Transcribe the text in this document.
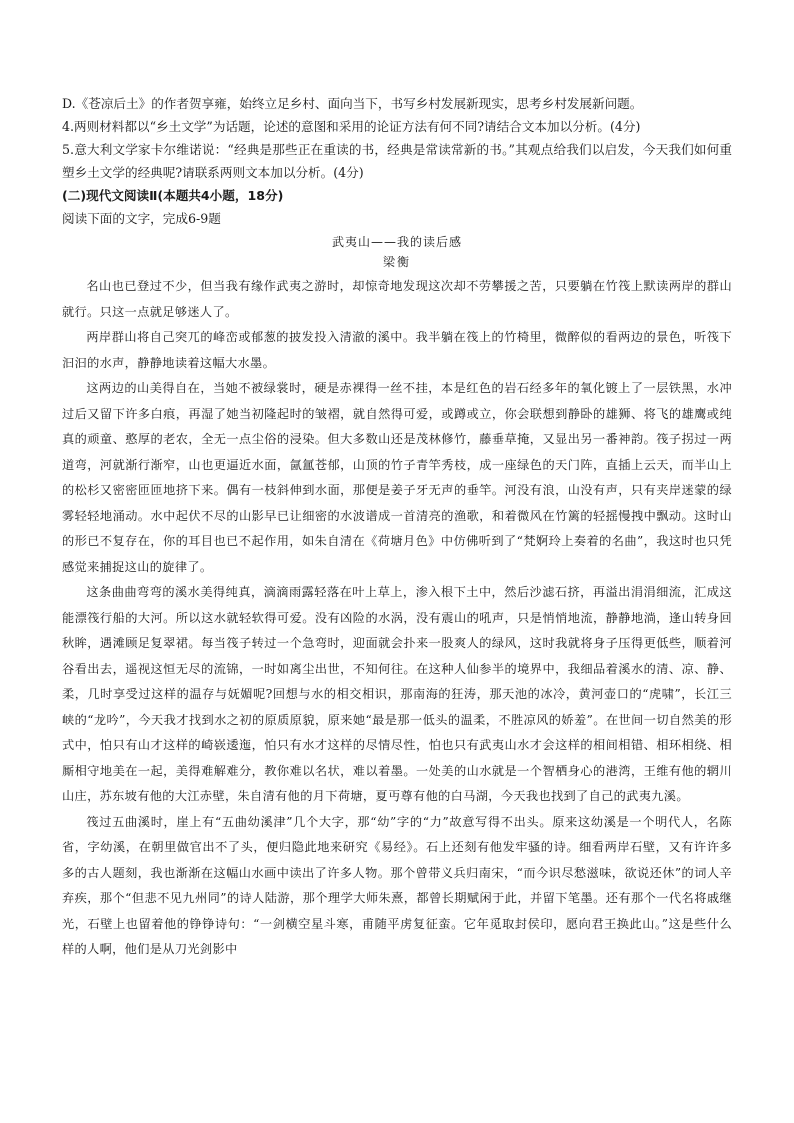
D.《苍凉后土》的作者贺享雍，始终立足乡村、面向当下，书写乡村发展新现实，思考乡村发展新问题。

4.两则材料都以“乡土文学”为话题，论述的意图和采用的论证方法有何不同?请结合文本加以分析。(4分)

5.意大利文学家卡尔维诺说：“经典是那些正在重读的书，经典是常读常新的书。”其观点给我们以启发，今天我们如何重塑乡土文学的经典呢?请联系两则文本加以分析。(4分)

(二)现代文阅读Ⅱ(本题共4小题，18分)

阅读下面的文字，完成6-9题

武夷山——我的读后感

梁衡

名山也已登过不少，但当我有缘作武夷之游时，却惊奇地发现这次却不劳攀援之苦，只要躺在竹筏上默读两岸的群山就行。只这一点就足够迷人了。

两岸群山将自己突兀的峰峦或郁葱的披发投入清澈的溪中。我半躺在筏上的竹椅里，微醉似的看两边的景色，听筏下汩汩的水声，静静地读着这幅大水墨。

这两边的山美得自在，当她不被绿裳时，硬是赤裸得一丝不挂，本是红色的岩石经多年的氧化镀上了一层铁黑，水冲过后又留下许多白痕，再湿了她当初隆起时的皱褶，就自然得可爱，或蹲或立，你会联想到静卧的雄狮、将飞的雄鹰或纯真的顽童、憨厚的老农，全无一点尘俗的浸染。但大多数山还是茂林修竹，藤垂草掩，又显出另一番神韵。筏子拐过一两道弯，河就渐行渐窄，山也更逼近水面，氤氲苍郁，山顶的竹子青竿秀枝，成一座绿色的天门阵，直插上云天，而半山上的松杉又密密匝匝地挤下来。偶有一枝斜伸到水面，那便是姜子牙无声的垂竿。河没有浪，山没有声，只有夹岸迷蒙的绿雾轻轻地涌动。水中起伏不尽的山影早已让细密的水波谱成一首清亮的渔歌，和着微风在竹篱的轻摇慢拽中飘动。这时山的形已不复存在，你的耳目也已不起作用，如朱自清在《荷塘月色》中仿佛听到了“梵婀玲上奏着的名曲”，我这时也只凭感觉来捕捉这山的旋律了。

这条曲曲弯弯的溪水美得纯真，滴滴雨露轻落在叶上草上，渗入根下土中，然后沙滤石挤，再溢出涓涓细流，汇成这能漂筏行船的大河。所以这水就轻软得可爱。没有凶险的水涡，没有震山的吼声，只是悄悄地流，静静地淌，逢山转身回秋眸，遇滩顾足复翠裙。每当筏子转过一个急弯时，迎面就会扑来一股爽人的绿风，这时我就将身子压得更低些，顺着河谷看出去，遥视这恒无尽的流锦，一时如离尘出世，不知何往。在这种人仙参半的境界中，我细品着溪水的清、凉、静、柔，几时享受过这样的温存与妩媚呢?回想与水的相交相识，那南海的狂涛，那天池的冰冷，黄河壶口的“虎啸”，长江三峡的“龙吟”，今天我才找到水之初的原质原貌，原来她“最是那一低头的温柔，不胜凉风的娇羞”。在世间一切自然美的形式中，怕只有山才这样的崎嵚逶迤，怕只有水才这样的尽情尽性，怕也只有武夷山水才会这样的相间相错、相环相绕、相厮相守地美在一起，美得难解难分，教你难以名状，难以着墨。一处美的山水就是一个智栖身心的港湾，王维有他的辋川山庄，苏东坡有他的大江赤壁，朱自清有他的月下荷塘，夏丏尊有他的白马湖，今天我也找到了自己的武夷九溪。

筏过五曲溪时，崖上有“五曲幼溪津”几个大字，那“幼”字的“力”故意写得不出头。原来这幼溪是一个明代人，名陈省，字幼溪，在朝里做官出不了头，便归隐此地来研究《易经》。石上还刻有他发牢骚的诗。细看两岸石壁，又有许许多多的古人题刻，我也渐渐在这幅山水画中读出了许多人物。那个曾带义兵归南宋，“而今识尽愁滋味，欲说还休”的词人辛弃疾，那个“但悲不见九州同”的诗人陆游，那个理学大师朱熹，都曾长期赋闲于此，并留下笔墨。还有那个一代名将戚继光，石壁上也留着他的铮铮诗句：“一剑横空星斗寒，甫随平虏复征蛮。它年觅取封侯印，愿向君王换此山。”这是些什么样的人啊，他们是从刀光剑影中
